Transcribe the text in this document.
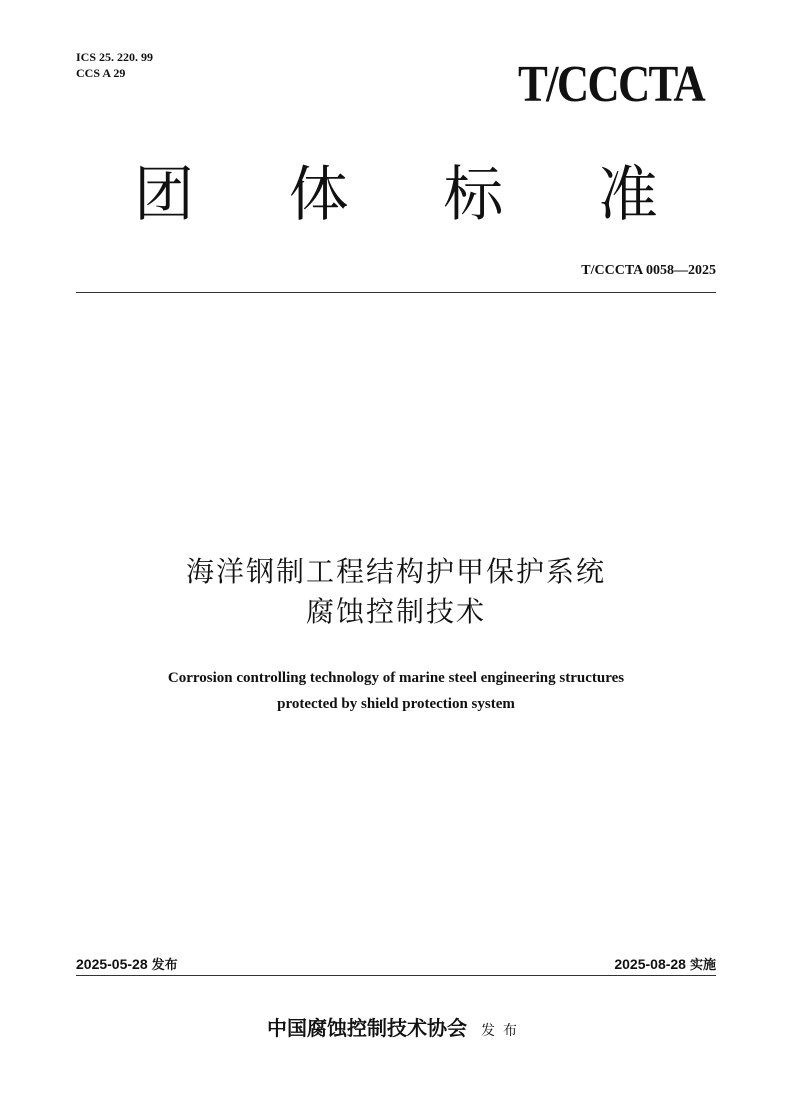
ICS 25. 220. 99
CCS A 29	T/CCCTA
团 体 标 准
T/CCCTA 0058—2025
海洋钢制工程结构护甲保护系统
腐蚀控制技术
Corrosion controlling technology of marine steel engineering structures
protected by shield protection system
2025-05-28 发布	2025-08-28 实施
中国腐蚀控制技术协会 发布
